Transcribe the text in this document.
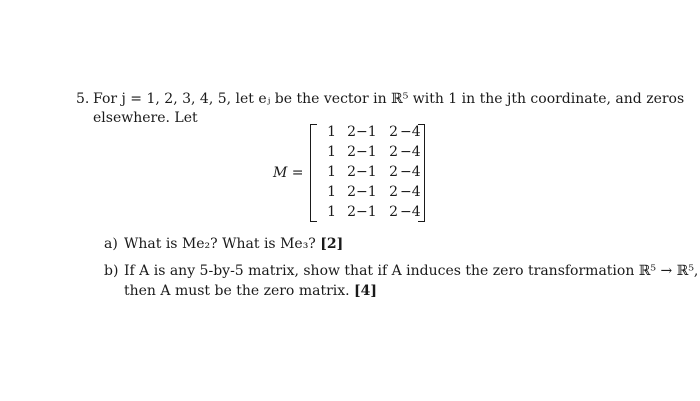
5. For j = 1, 2, 3, 4, 5, let eⱼ be the vector in ℝ⁵ with 1 in the jth coordinate, and zeros
elsewhere. Let
M =
1 2 −1 2 −4
1 2 −1 2 −4
1 2 −1 2 −4
1 2 −1 2 −4
1 2 −1 2 −4
a) What is Me₂? What is Me₃? [2]
b) If A is any 5-by-5 matrix, show that if A induces the zero transformation ℝ⁵ → ℝ⁵,
then A must be the zero matrix. [4]
